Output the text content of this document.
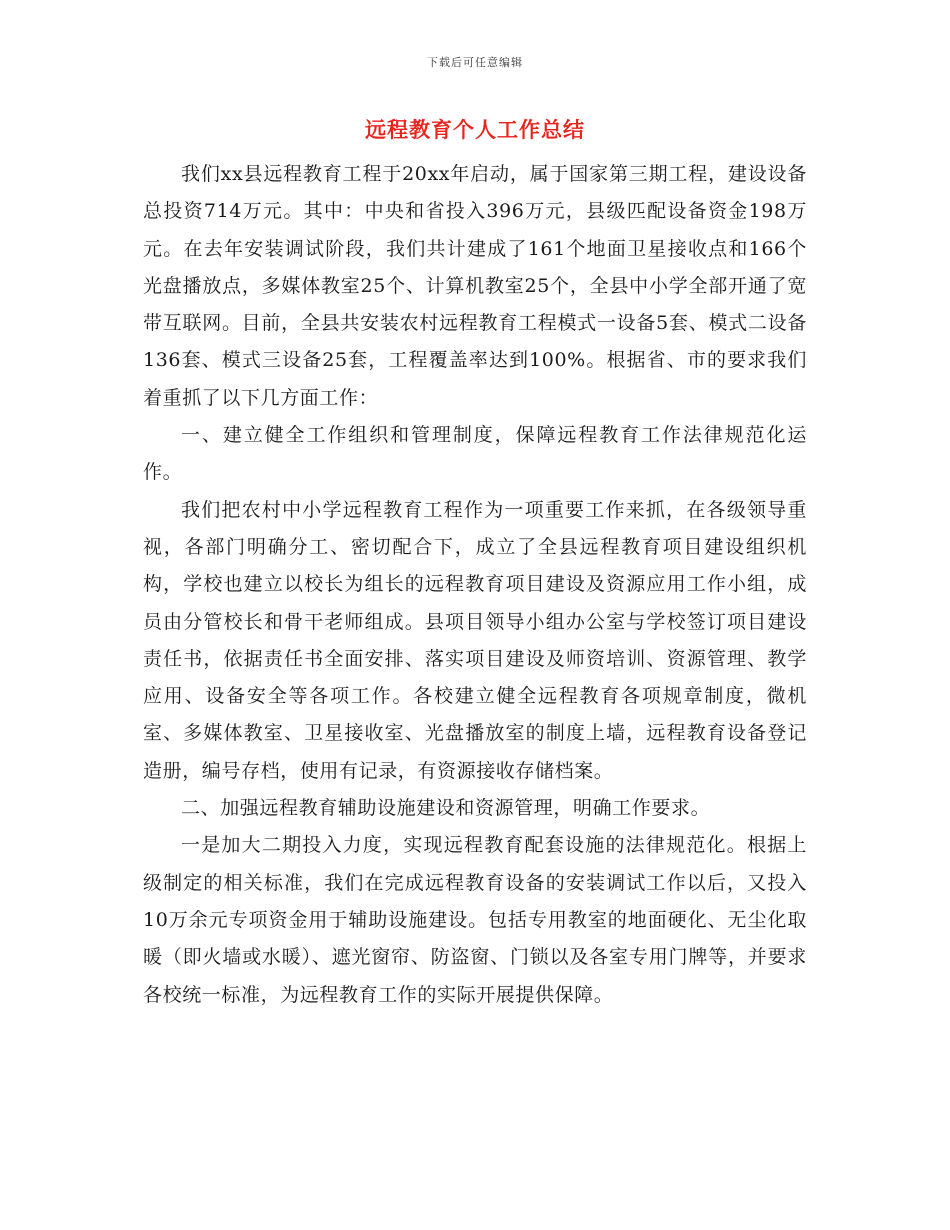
下载后可任意编辑
远程教育个人工作总结

我们xx县远程教育工程于20xx年启动，属于国家第三期工程，建设设备总投资714万元。其中：中央和省投入396万元，县级匹配设备资金198万元。在去年安装调试阶段，我们共计建成了161个地面卫星接收点和166个光盘播放点，多媒体教室25个、计算机教室25个，全县中小学全部开通了宽带互联网。目前，全县共安装农村远程教育工程模式一设备5套、模式二设备136套、模式三设备25套，工程覆盖率达到100%。根据省、市的要求我们着重抓了以下几方面工作：

一、建立健全工作组织和管理制度，保障远程教育工作法律规范化运作。

我们把农村中小学远程教育工程作为一项重要工作来抓，在各级领导重视，各部门明确分工、密切配合下，成立了全县远程教育项目建设组织机构，学校也建立以校长为组长的远程教育项目建设及资源应用工作小组，成员由分管校长和骨干老师组成。县项目领导小组办公室与学校签订项目建设责任书，依据责任书全面安排、落实项目建设及师资培训、资源管理、教学应用、设备安全等各项工作。各校建立健全远程教育各项规章制度，微机室、多媒体教室、卫星接收室、光盘播放室的制度上墙，远程教育设备登记造册，编号存档，使用有记录，有资源接收存储档案。

二、加强远程教育辅助设施建设和资源管理，明确工作要求。

一是加大二期投入力度，实现远程教育配套设施的法律规范化。根据上级制定的相关标准，我们在完成远程教育设备的安装调试工作以后，又投入10万余元专项资金用于辅助设施建设。包括专用教室的地面硬化、无尘化取暖（即火墙或水暖）、遮光窗帘、防盗窗、门锁以及各室专用门牌等，并要求各校统一标准，为远程教育工作的实际开展提供保障。
